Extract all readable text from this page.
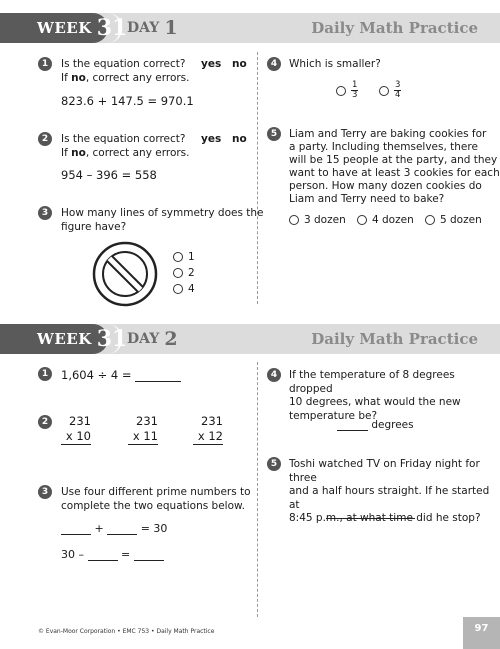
WEEK 31 DAY 1	Daily Math Practice
1	Is the equation correct?
If no, correct any errors.
yes no
823.6 + 147.5 = 970.1
2	Is the equation correct?
If no, correct any errors.
yes no
954 – 396 = 558
3	How many lines of symmetry does the
figure have?
1
2
4
4	Which is smaller?
$\frac{1}{3}$	$\frac{3}{4}$
5	Liam and Terry are baking cookies for
a party. Including themselves, there
will be 15 people at the party, and they
want to have at least 3 cookies for each
person. How many dozen cookies do
Liam and Terry need to bake?
3 dozen	4 dozen	5 dozen
WEEK 31 DAY 2	Daily Math Practice
1	1,604 ÷ 4 =
2	231
x 10
231
x 11
231
x 12
3	Use four different prime numbers to
complete the two equations below.
+	= 30
30 –	=
4	If the temperature of 8 degrees dropped
10 degrees, what would the new
temperature be?
degrees
5	Toshi watched TV on Friday night for three
and a half hours straight. If he started at
8:45 p.m., at what time did he stop?
© Evan-Moor Corporation • EMC 753 • Daily Math Practice	97
